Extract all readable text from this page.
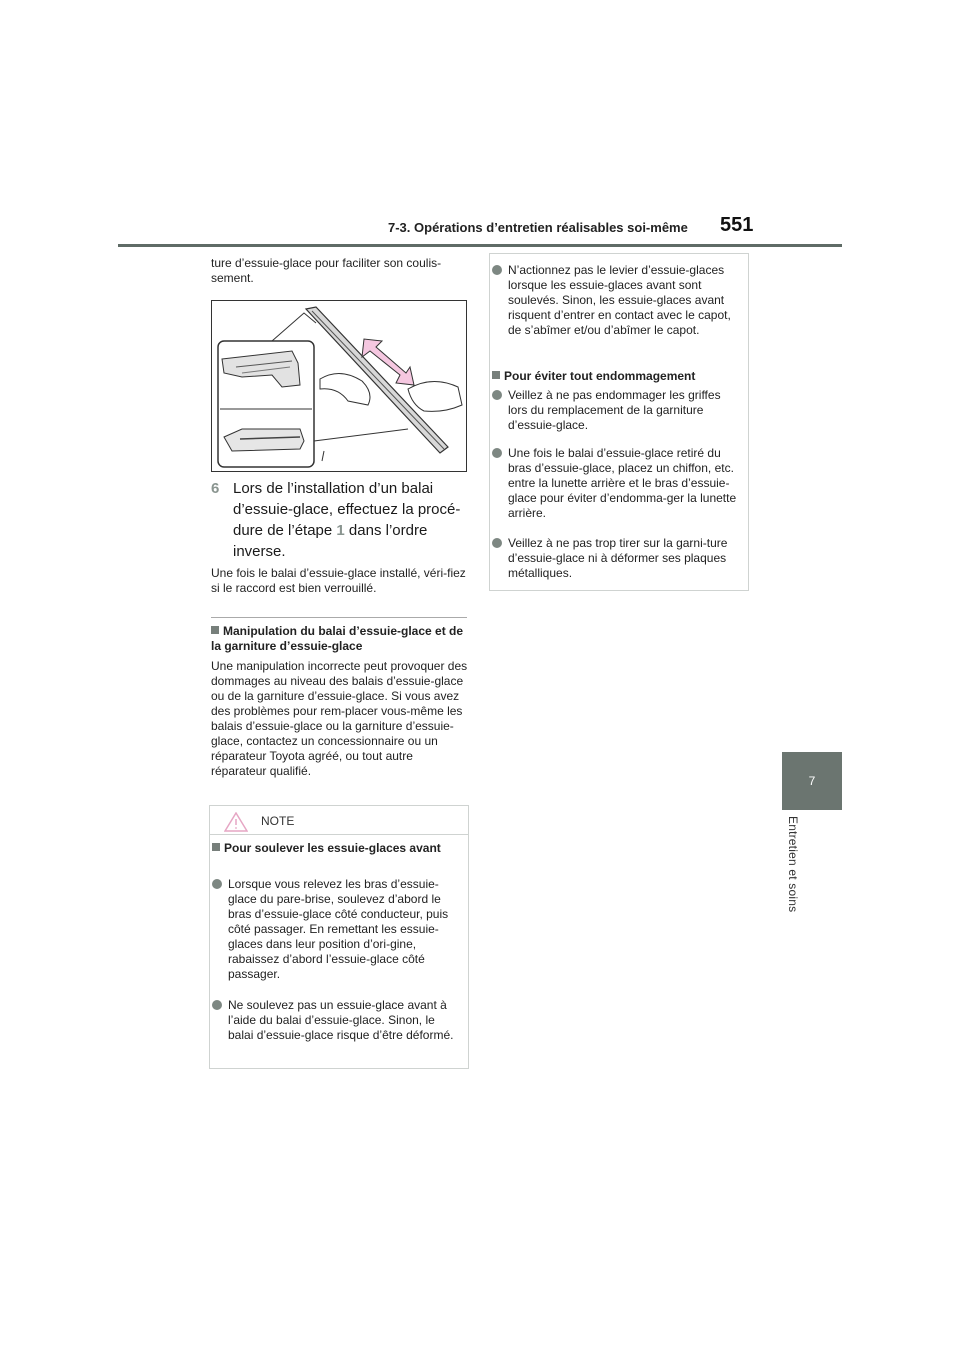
7-3. Opérations d’entretien réalisables soi-même 551
7
Entretien et soins
ture d’essuie-glace pour faciliter son coulis-sement.
6 Lors de l’installation d’un balai d’essuie-glace, effectuez la procé-dure de l’étape 1 dans l’ordre inverse.
Une fois le balai d’essuie-glace installé, véri-fiez si le raccord est bien verrouillé.
Manipulation du balai d’essuie-glace et de la garniture d’essuie-glace
Une manipulation incorrecte peut provoquer des dommages au niveau des balais d’essuie-glace ou de la garniture d’essuie-glace. Si vous avez des problèmes pour rem-placer vous-même les balais d’essuie-glace ou la garniture d’essuie-glace, contactez un concessionnaire ou un réparateur Toyota agréé, ou tout autre réparateur qualifié.
NOTE
Pour soulever les essuie-glaces avant
Lorsque vous relevez les bras d’essuie-glace du pare-brise, soulevez d’abord le bras d’essuie-glace côté conducteur, puis côté passager. En remettant les essuie-glaces dans leur position d’ori-gine, rabaissez d’abord l’essuie-glace côté passager.
Ne soulevez pas un essuie-glace avant à l’aide du balai d’essuie-glace. Sinon, le balai d’essuie-glace risque d’être déformé.
N’actionnez pas le levier d’essuie-glaces lorsque les essuie-glaces avant sont soulevés. Sinon, les essuie-glaces avant risquent d’entrer en contact avec le capot, de s’abîmer et/ou d’abîmer le capot.
Pour éviter tout endommagement
Veillez à ne pas endommager les griffes lors du remplacement de la garniture d’essuie-glace.
Une fois le balai d’essuie-glace retiré du bras d’essuie-glace, placez un chiffon, etc. entre la lunette arrière et le bras d’essuie-glace pour éviter d’endomma-ger la lunette arrière.
Veillez à ne pas trop tirer sur la garni-ture d’essuie-glace ni à déformer ses plaques métalliques.
